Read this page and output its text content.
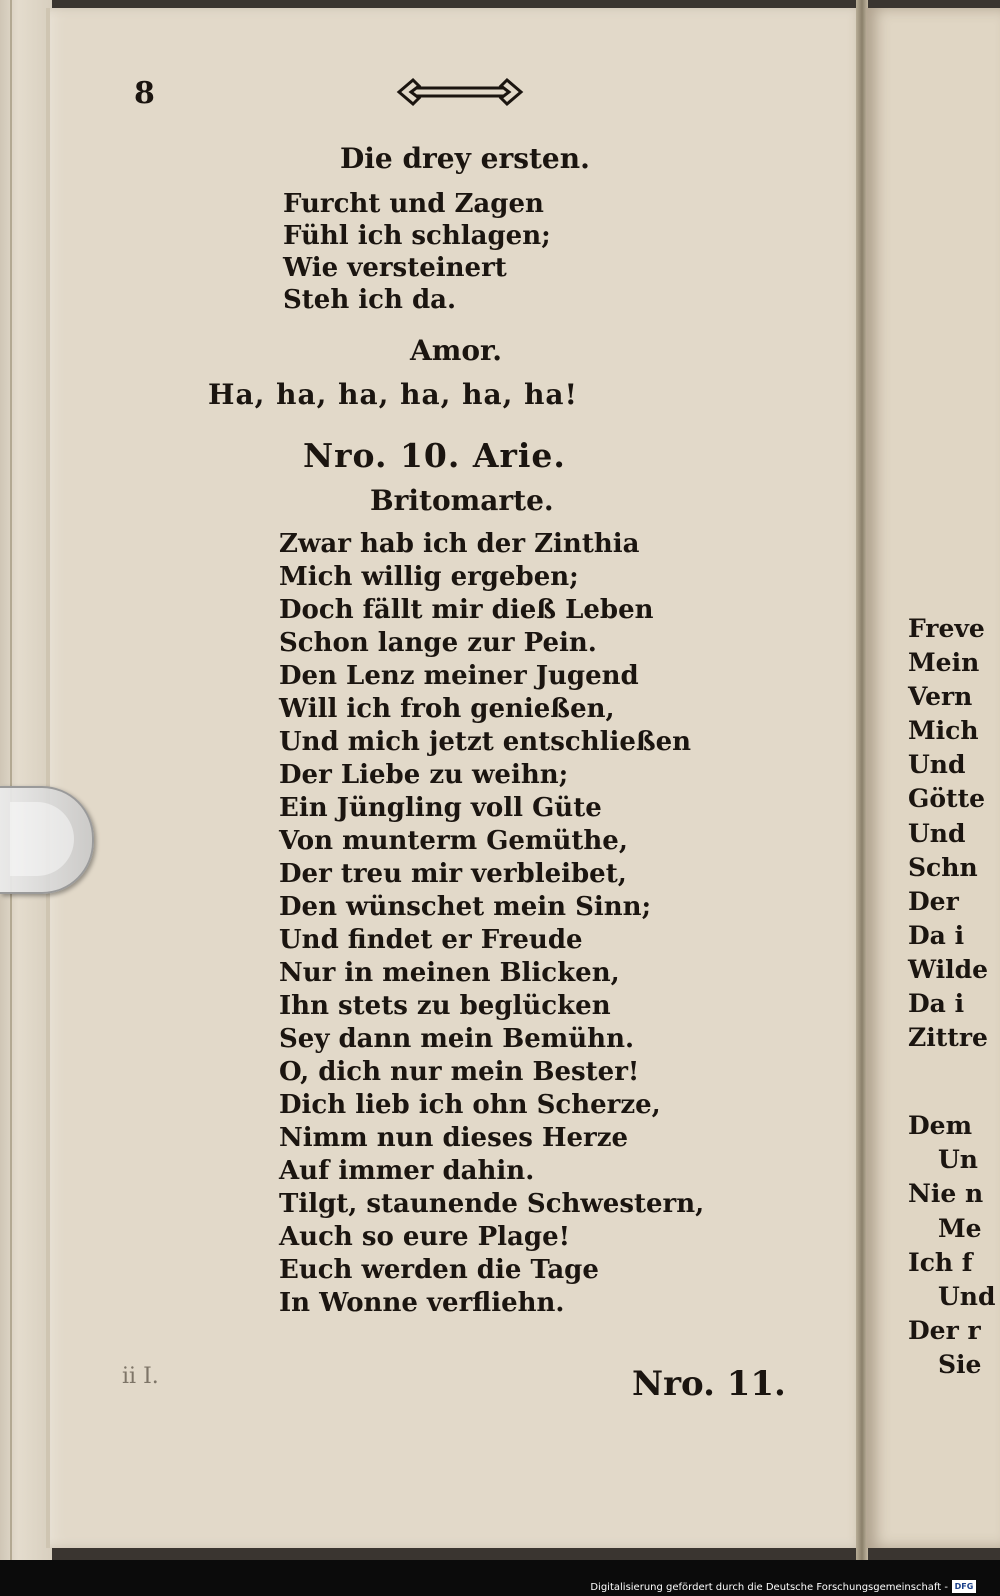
8
Die drey ersten.
Furcht und Zagen
Fühl ich schlagen;
Wie versteinert
Steh ich da.
Amor.
Ha, ha, ha, ha, ha, ha!
Nro. 10. Arie.
Britomarte.
Zwar hab ich der Zinthia
Mich willig ergeben;
Doch fällt mir dieß Leben
Schon lange zur Pein.
Den Lenz meiner Jugend
Will ich froh genießen,
Und mich jetzt entschließen
Der Liebe zu weihn;
Ein Jüngling voll Güte
Von munterm Gemüthe,
Der treu mir verbleibet,
Den wünschet mein Sinn;
Und findet er Freude
Nur in meinen Blicken,
Ihn stets zu beglücken
Sey dann mein Bemühn.
O, dich nur mein Bester!
Dich lieb ich ohn Scherze,
Nimm nun dieses Herze
Auf immer dahin.
Tilgt, staunende Schwestern,
Auch so eure Plage!
Euch werden die Tage
In Wonne verfliehn.
ii I.	Nro. 11.
Freve
Mein
Vern
Mich
Und
Götte
Und
Schn
Der
Da i
Wilde
Da i
Zittre
Dem
Un
Nie n
Me
Ich f
Und
Der r
Sie
Digitalisierung gefördert durch die Deutsche Forschungsgemeinschaft - DFG
